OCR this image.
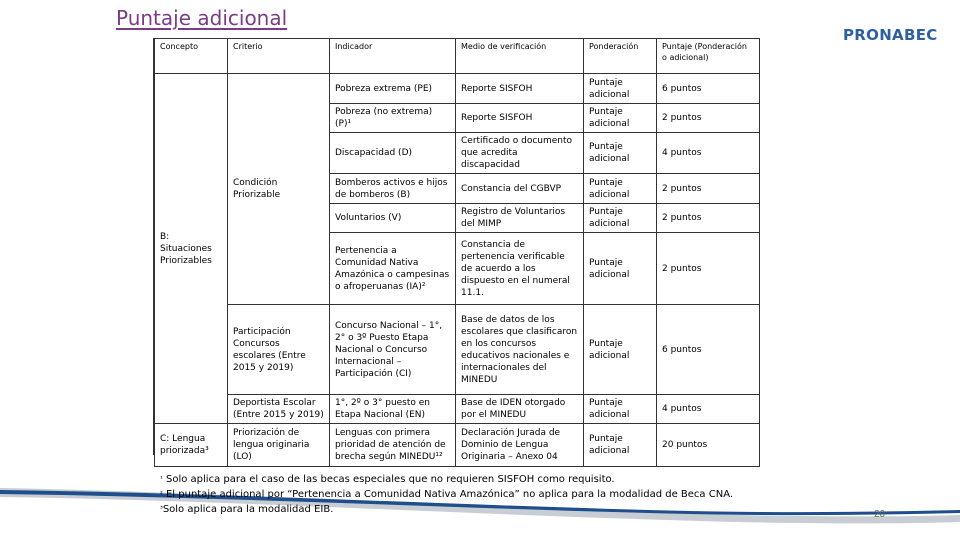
Puntaje adicional
PRONABEC
Concepto	Criterio	Indicador	Medio de verificación	Ponderación	Puntaje (Ponderación o adicional)
B: Situaciones Priorizables	Condición Priorizable	Pobreza extrema (PE)	Reporte SISFOH	Puntaje adicional	6 puntos
		Pobreza (no extrema) (P)¹	Reporte SISFOH	Puntaje adicional	2 puntos
		Discapacidad (D)	Certificado o documento que acredita discapacidad	Puntaje adicional	4 puntos
		Bomberos activos e hijos de bomberos (B)	Constancia del CGBVP	Puntaje adicional	2 puntos
		Voluntarios (V)	Registro de Voluntarios del MIMP	Puntaje adicional	2 puntos
		Pertenencia a Comunidad Nativa Amazónica o campesinas o afroperuanas (IA)²	Constancia de pertenencia verificable de acuerdo a los dispuesto en el numeral 11.1.	Puntaje adicional	2 puntos
	Participación Concursos escolares (Entre 2015 y 2019)	Concurso Nacional – 1°, 2° o 3º Puesto Etapa Nacional o Concurso Internacional – Participación (CI)	Base de datos de los escolares que clasificaron en los concursos educativos nacionales e internacionales del MINEDU	Puntaje adicional	6 puntos
	Deportista Escolar (Entre 2015 y 2019)	1°, 2º o 3° puesto en Etapa Nacional (EN)	Base de IDEN otorgado por el MINEDU	Puntaje adicional	4 puntos
C: Lengua priorizada³	Priorización de lengua originaria (LO)	Lenguas con primera prioridad de atención de brecha según MINEDU¹²	Declaración Jurada de Dominio de Lengua Originaria – Anexo 04	Puntaje adicional	20 puntos
$^{^1}$ Solo aplica para el caso de las becas especiales que no requieren SISFOH como requisito.
$^{^2}$ El puntaje adicional por “Pertenencia a Comunidad Nativa Amazónica” no aplica para la modalidad de Beca CNA.
$^{^3}$Solo aplica para la modalidad EIB.	20
